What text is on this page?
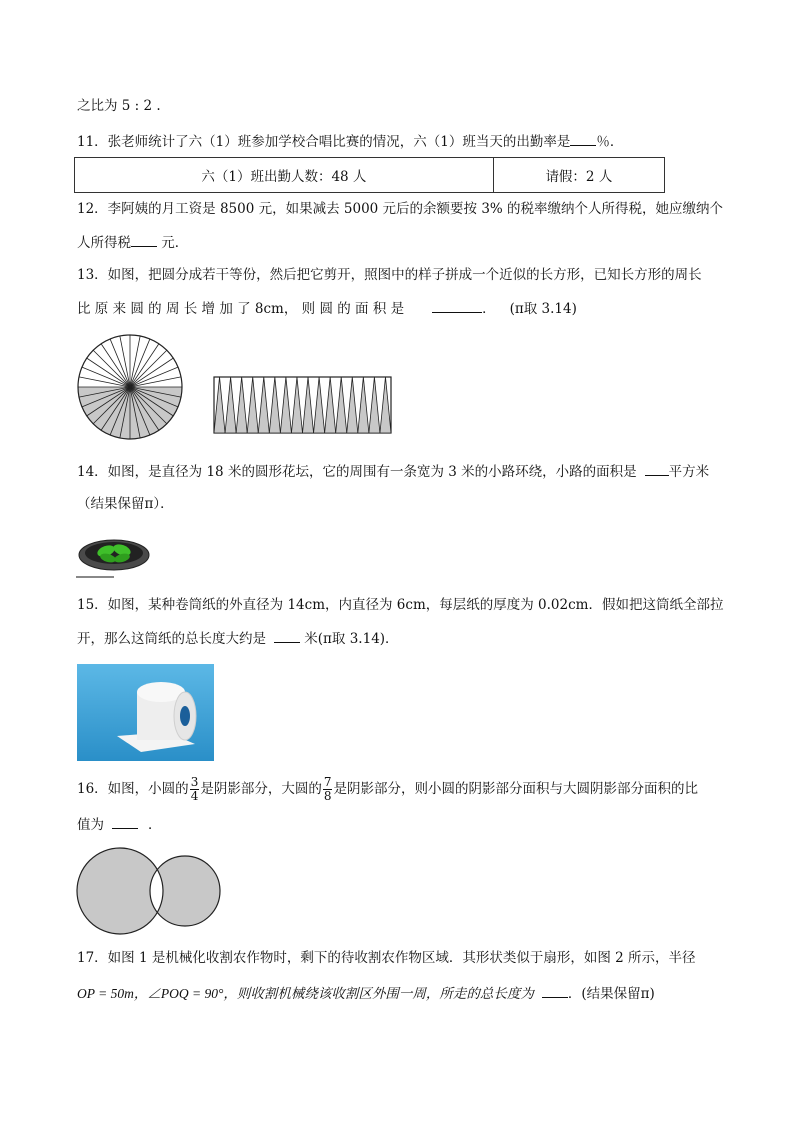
之比为 5 : 2 .
11．张老师统计了六（1）班参加学校合唱比赛的情况，六（1）班当天的出勤率是 ％．
六（1）班出勤人数：48 人	请假：2 人
12．李阿姨的月工资是 8500 元，如果减去 5000 元后的余额要按 3% 的税率缴纳个人所得税，她应缴纳个
人所得税 元．
13．如图，把圆分成若干等份，然后把它剪开，照图中的样子拼成一个近似的长方形，已知长方形的周长
比 原 来 圆 的 周 长 增 加 了 8cm， 则 圆 的 面 积 是	． (π取 3.14)
14．如图，是直径为 18 米的圆形花坛，它的周围有一条宽为 3 米的小路环绕，小路的面积是 平方米
（结果保留π）．
15．如图，某种卷筒纸的外直径为 14cm，内直径为 6cm，每层纸的厚度为 0.02cm．假如把这筒纸全部拉
开，那么这筒纸的总长度大约是	米(π取 3.14)．
16．如图，小圆的 $\frac{3}{4}$ 是阴影部分，大圆的 $\frac{7}{8}$ 是阴影部分，则小圆的阴影部分面积与大圆阴影部分面积的比
值为	．
17．如图 1 是机械化收割农作物时，剩下的待收割农作物区域．其形状类似于扇形，如图 2 所示，半径
OP = 50m，∠POQ = 90°，则收割机械绕该收割区外围一周，所走的总长度为	．(结果保留π)
